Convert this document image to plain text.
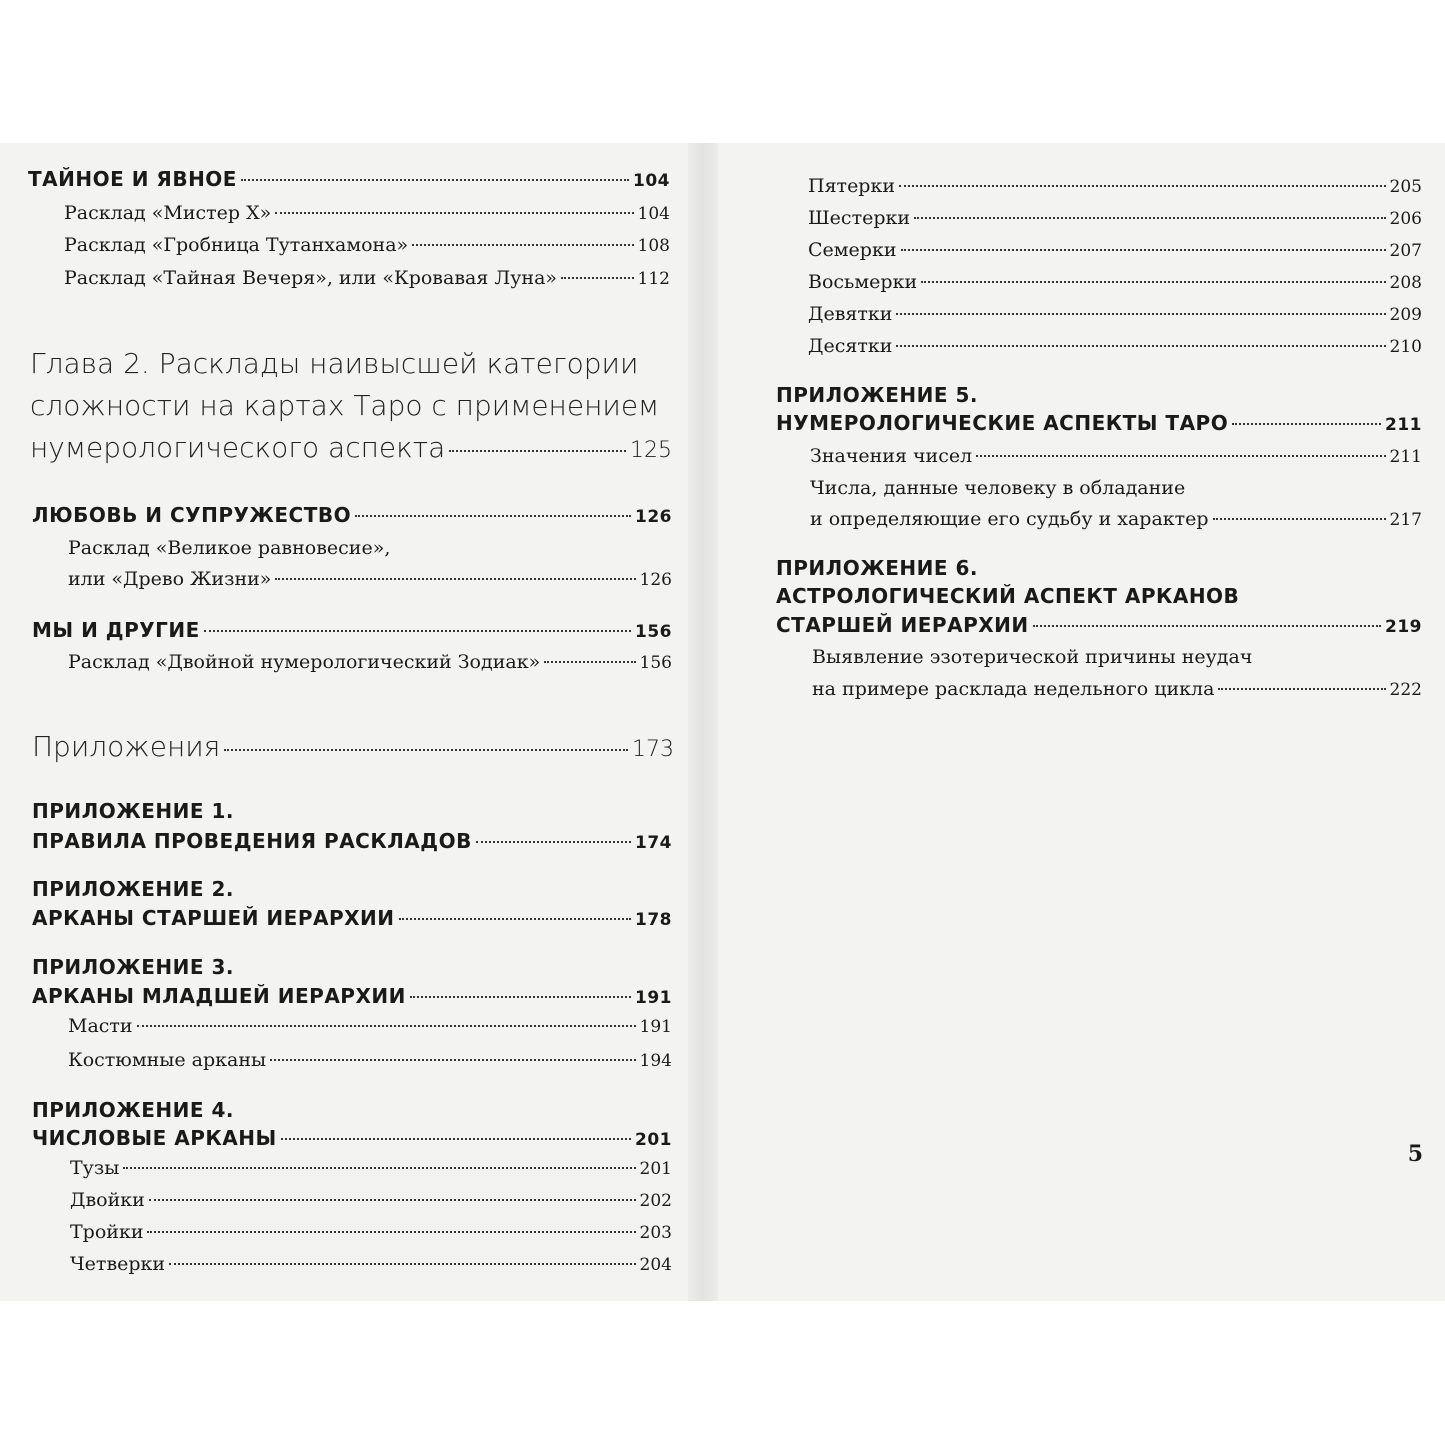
ТАЙНОЕ И ЯВНОЕ	104
Расклад «Мистер Х»	104
Расклад «Гробница Тутанхамона»	108
Расклад «Тайная Вечеря», или «Кровавая Луна»	112
Глава 2. Расклады наивысшей категории
сложности на картах Таро с применением
нумерологического аспекта	125
ЛЮБОВЬ И СУПРУЖЕСТВО	126
Расклад «Великое равновесие»,
или «Древо Жизни»	126
МЫ И ДРУГИЕ	156
Расклад «Двойной нумерологический Зодиак»	156
Приложения	173
ПРИЛОЖЕНИЕ 1.
ПРАВИЛА ПРОВЕДЕНИЯ РАСКЛАДОВ	174
ПРИЛОЖЕНИЕ 2.
АРКАНЫ СТАРШЕЙ ИЕРАРХИИ	178
ПРИЛОЖЕНИЕ 3.
АРКАНЫ МЛАДШЕЙ ИЕРАРХИИ	191
Масти	191
Костюмные арканы	194
ПРИЛОЖЕНИЕ 4.
ЧИСЛОВЫЕ АРКАНЫ	201
Тузы	201
Двойки	202
Тройки	203
Четверки	204
Пятерки	205
Шестерки	206
Семерки	207
Восьмерки	208
Девятки	209
Десятки	210
ПРИЛОЖЕНИЕ 5.
НУМЕРОЛОГИЧЕСКИЕ АСПЕКТЫ ТАРО	211
Значения чисел	211
Числа, данные человеку в обладание
и определяющие его судьбу и характер	217
ПРИЛОЖЕНИЕ 6.
АСТРОЛОГИЧЕСКИЙ АСПЕКТ АРКАНОВ
СТАРШЕЙ ИЕРАРХИИ	219
Выявление эзотерической причины неудач
на примере расклада недельного цикла	222
5
